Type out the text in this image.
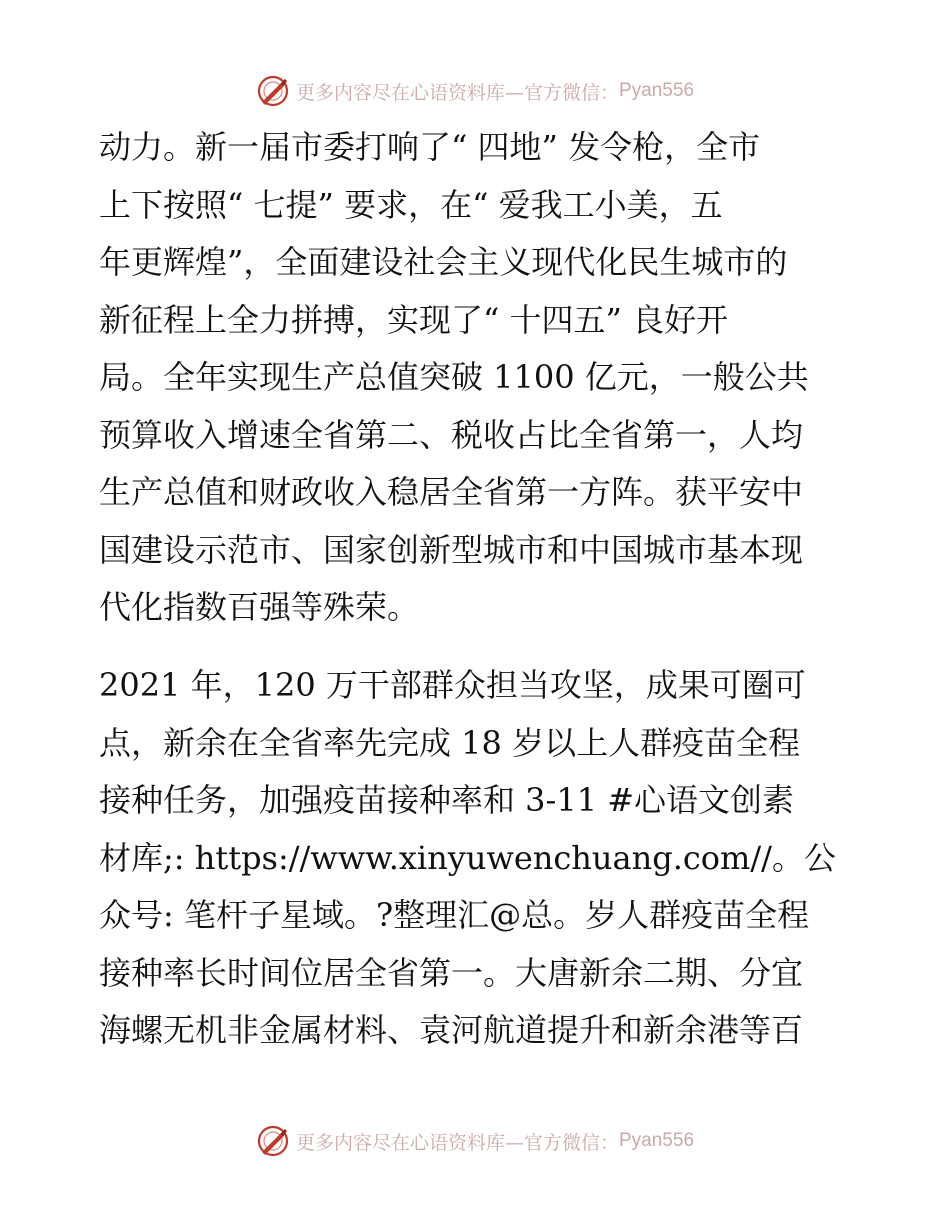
更多内容尽在心语资料库—官方微信： Pyan556
动力。新一届市委打响了“ 四地” 发令枪，全市
上下按照“ 七提” 要求，在“ 爱我工小美，五
年更辉煌”，全面建设社会主义现代化民生城市的
新征程上全力拼搏，实现了“ 十四五” 良好开
局。全年实现生产总值突破 1100 亿元，一般公共
预算收入增速全省第二、税收占比全省第一，人均
生产总值和财政收入稳居全省第一方阵。获平安中
国建设示范市、国家创新型城市和中国城市基本现
代化指数百强等殊荣。
2021 年，120 万干部群众担当攻坚，成果可圈可
点，新余在全省率先完成 18 岁以上人群疫苗全程
接种任务，加强疫苗接种率和 3-11 #心语文创素
材库;: https://www.xinyuwenchuang.com//。公
众号: 笔杆子星域。?整理汇@总。岁人群疫苗全程
接种率长时间位居全省第一。大唐新余二期、分宜
海螺无机非金属材料、袁河航道提升和新余港等百
更多内容尽在心语资料库—官方微信： Pyan556
